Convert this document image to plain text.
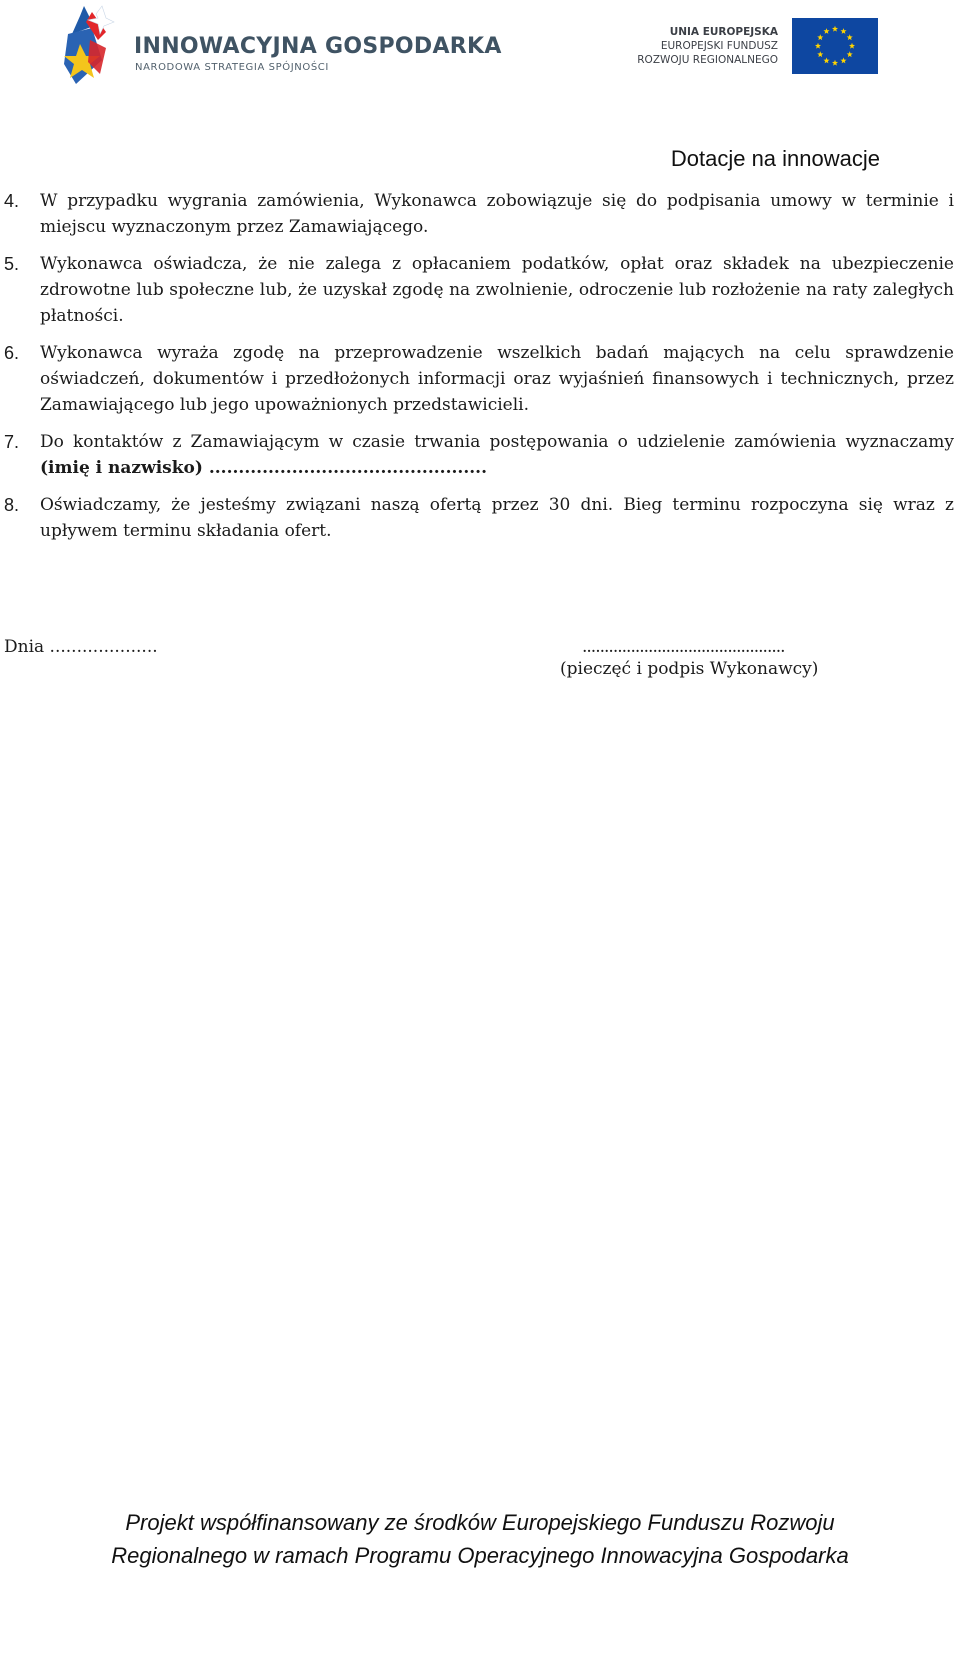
INNOWACYJNA GOSPODARKA
NARODOWA STRATEGIA SPÓJNOŚCI
UNIA EUROPEJSKA
EUROPEJSKI FUNDUSZ
ROZWOJU REGIONALNEGO
Dotacje na innowacje
4.	W przypadku wygrania zamówienia, Wykonawca zobowiązuje się do podpisania umowy w terminie i miejscu wyznaczonym przez Zamawiającego.
5.	Wykonawca oświadcza, że nie zalega z opłacaniem podatków, opłat oraz składek na ubezpieczenie zdrowotne lub społeczne lub, że uzyskał zgodę na zwolnienie, odroczenie lub rozłożenie na raty zaległych płatności.
6.	Wykonawca wyraża zgodę na przeprowadzenie wszelkich badań mających na celu sprawdzenie oświadczeń, dokumentów i przedłożonych informacji oraz wyjaśnień finansowych i technicznych, przez Zamawiającego lub jego upoważnionych przedstawicieli.
7.	Do kontaktów z Zamawiającym w czasie trwania postępowania o udzielenie zamówienia wyznaczamy (imię i nazwisko) ...............................................
8.	Oświadczamy, że jesteśmy związani naszą ofertą przez 30 dni. Bieg terminu rozpoczyna się wraz z upływem terminu składania ofert.
Dnia ....................	..............................................
(pieczęć i podpis Wykonawcy)
Projekt współfinansowany ze środków Europejskiego Funduszu Rozwoju
Regionalnego w ramach Programu Operacyjnego Innowacyjna Gospodarka
